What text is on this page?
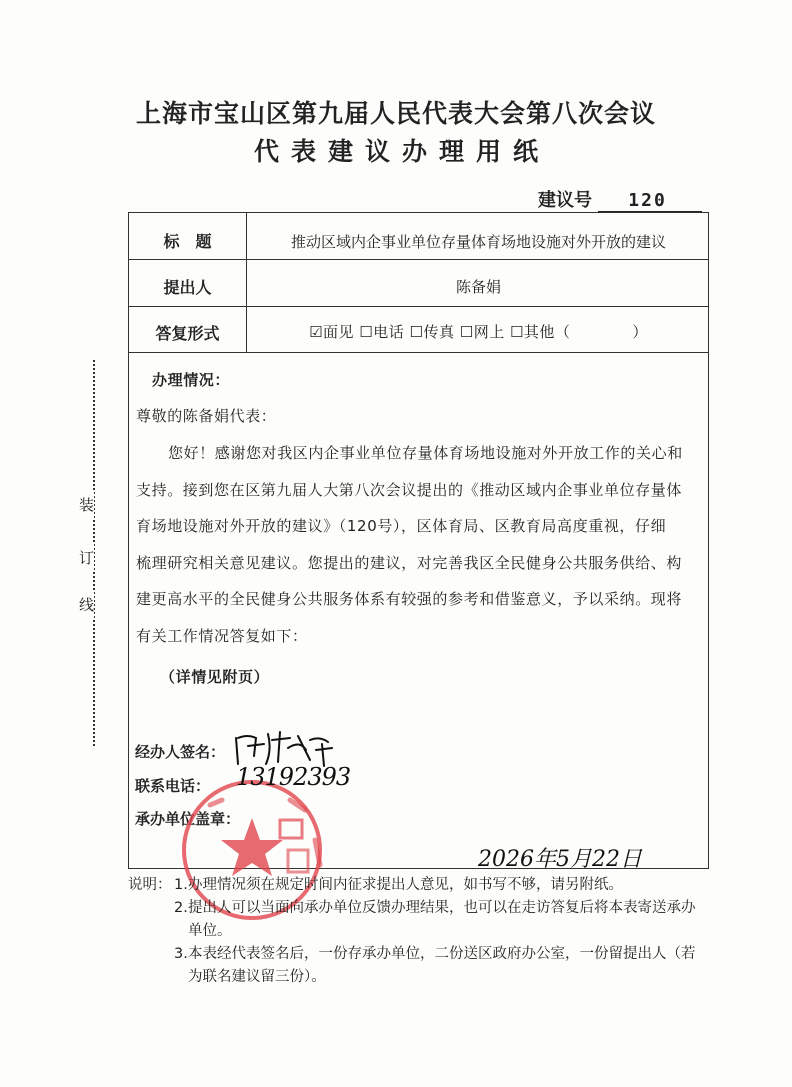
上海市宝山区第九届人民代表大会第八次会议
代表建议办理用纸
建议号 120
装
订
线
标　题	推动区域内企事业单位存量体育场地设施对外开放的建议
提出人	陈备娟
答复形式	☑面见 ☐电话 ☐传真 ☐网上 ☐其他（　　　　）
办理情况：
尊敬的陈备娟代表：
您好！感谢您对我区内企事业单位存量体育场地设施对外开放工作的关心和
支持。接到您在区第九届人大第八次会议提出的《推动区域内企事业单位存量体
育场地设施对外开放的建议》（120号），区体育局、区教育局高度重视，仔细
梳理研究相关意见建议。您提出的建议，对完善我区全民健身公共服务供给、构
建更高水平的全民健身公共服务体系有较强的参考和借鉴意义，予以采纳。现将
有关工作情况答复如下：
（详情见附页）
经办人签名：
联系电话：
承办单位盖章：
13192393
2026年5月22日
说明： 1. 办理情况须在规定时间内征求提出人意见，如书写不够，请另附纸。
2. 提出人可以当面向承办单位反馈办理结果，也可以在走访答复后将本表寄送承办单位。
3. 本表经代表签名后，一份存承办单位，二份送区政府办公室，一份留提出人（若为联名建议留三份）。
